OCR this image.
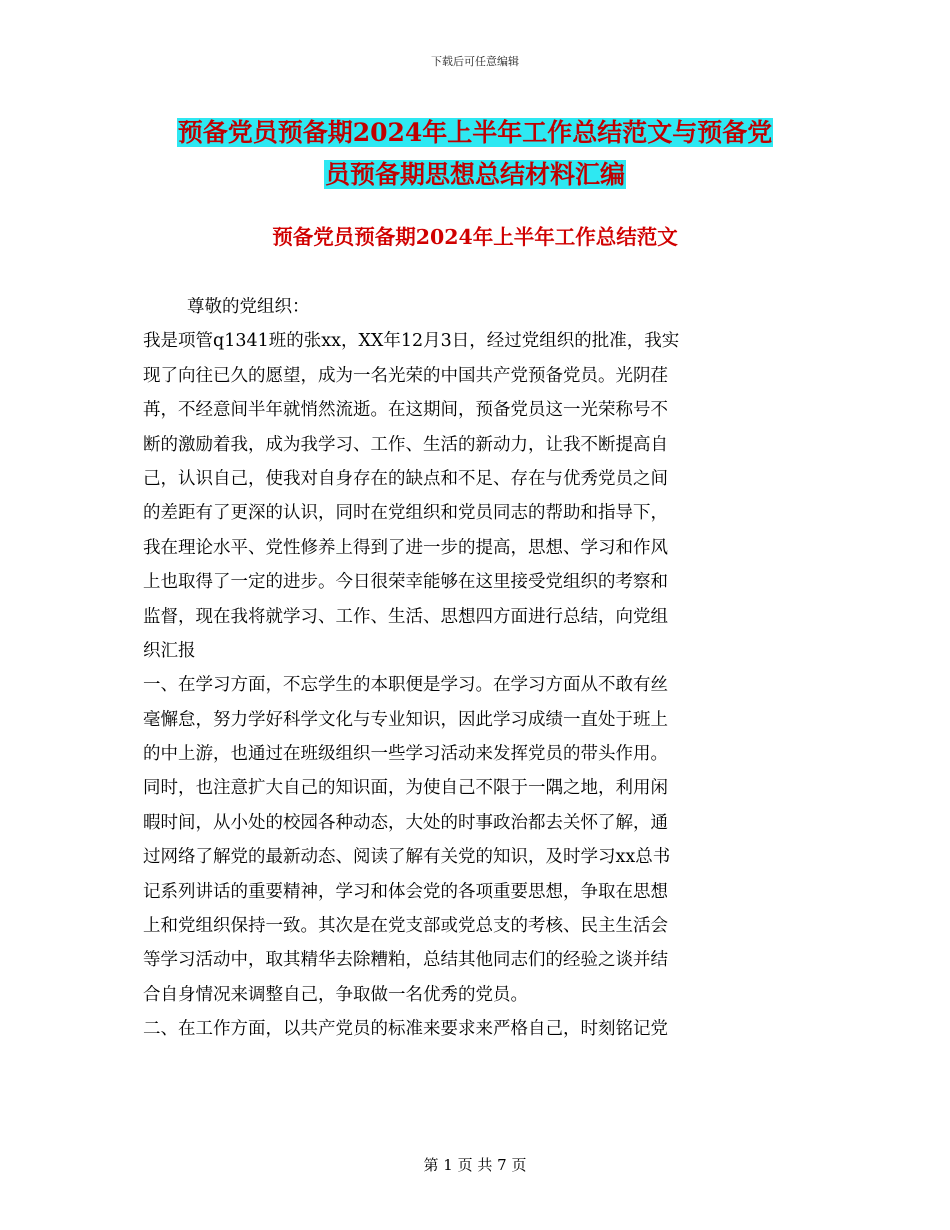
下载后可任意编辑
预备党员预备期2024年上半年工作总结范文与预备党
员预备期思想总结材料汇编
预备党员预备期2024年上半年工作总结范文
尊敬的党组织：
我是项管q1341班的张xx，XX年12月3日，经过党组织的批准，我实
现了向往已久的愿望，成为一名光荣的中国共产党预备党员。光阴荏
苒，不经意间半年就悄然流逝。在这期间，预备党员这一光荣称号不
断的激励着我，成为我学习、工作、生活的新动力，让我不断提高自
己，认识自己，使我对自身存在的缺点和不足、存在与优秀党员之间
的差距有了更深的认识，同时在党组织和党员同志的帮助和指导下，
我在理论水平、党性修养上得到了进一步的提高，思想、学习和作风
上也取得了一定的进步。今日很荣幸能够在这里接受党组织的考察和
监督，现在我将就学习、工作、生活、思想四方面进行总结，向党组
织汇报
一、在学习方面，不忘学生的本职便是学习。在学习方面从不敢有丝
毫懈怠，努力学好科学文化与专业知识，因此学习成绩一直处于班上
的中上游，也通过在班级组织一些学习活动来发挥党员的带头作用。
同时，也注意扩大自己的知识面，为使自己不限于一隅之地，利用闲
暇时间，从小处的校园各种动态，大处的时事政治都去关怀了解，通
过网络了解党的最新动态、阅读了解有关党的知识，及时学习xx总书
记系列讲话的重要精神，学习和体会党的各项重要思想，争取在思想
上和党组织保持一致。其次是在党支部或党总支的考核、民主生活会
等学习活动中，取其精华去除糟粕，总结其他同志们的经验之谈并结
合自身情况来调整自己，争取做一名优秀的党员。
二、在工作方面，以共产党员的标准来要求来严格自己，时刻铭记党
第 1 页 共 7 页
